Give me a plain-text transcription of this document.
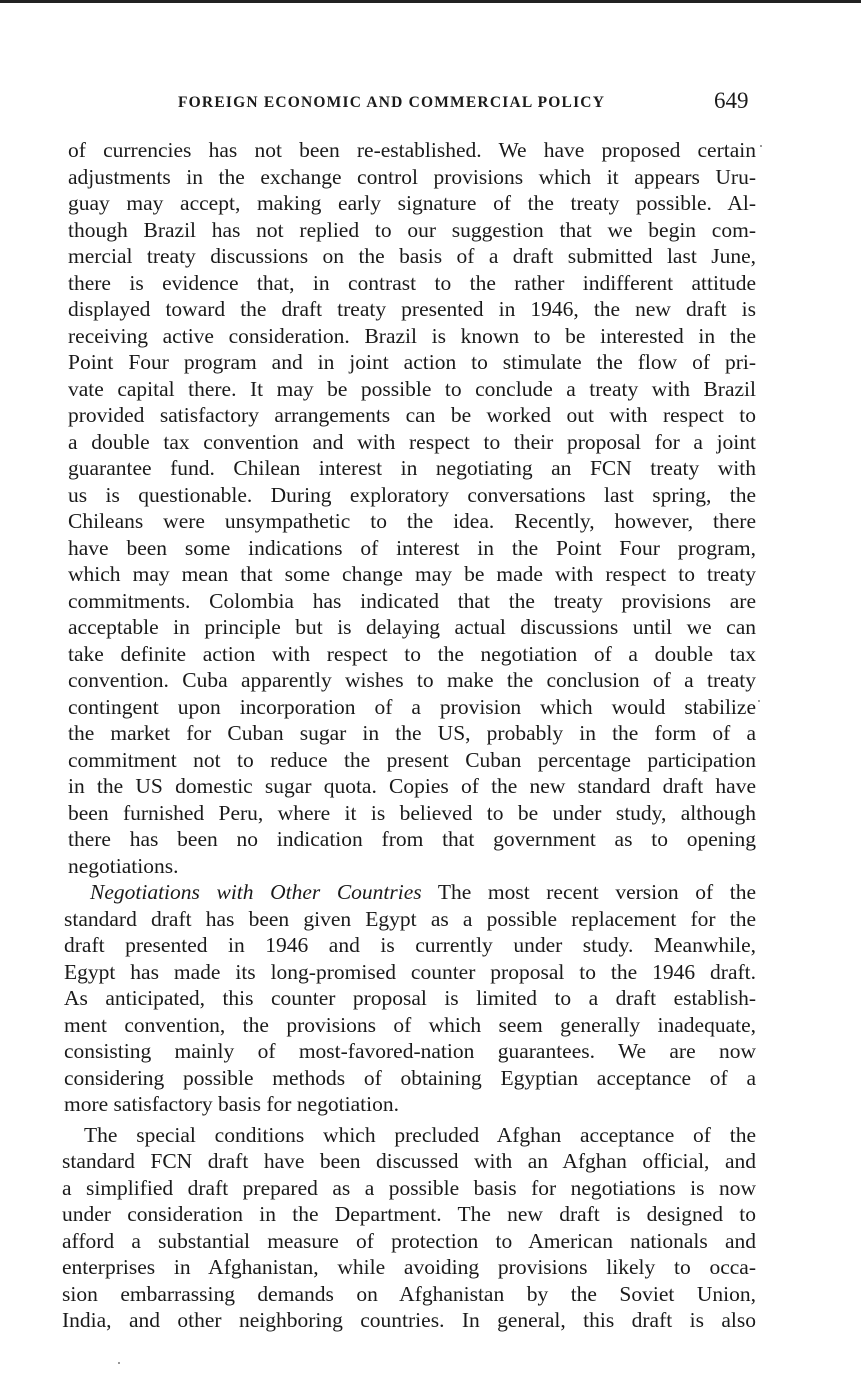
FOREIGN ECONOMIC AND COMMERCIAL POLICY	649
of currencies has not been re-established. We have proposed certain
adjustments in the exchange control provisions which it appears Uru-
guay may accept, making early signature of the treaty possible. Al-
though Brazil has not replied to our suggestion that we begin com-
mercial treaty discussions on the basis of a draft submitted last June,
there is evidence that, in contrast to the rather indifferent attitude
displayed toward the draft treaty presented in 1946, the new draft is
receiving active consideration. Brazil is known to be interested in the
Point Four program and in joint action to stimulate the flow of pri-
vate capital there. It may be possible to conclude a treaty with Brazil
provided satisfactory arrangements can be worked out with respect to
a double tax convention and with respect to their proposal for a joint
guarantee fund. Chilean interest in negotiating an FCN treaty with
us is questionable. During exploratory conversations last spring, the
Chileans were unsympathetic to the idea. Recently, however, there
have been some indications of interest in the Point Four program,
which may mean that some change may be made with respect to treaty
commitments. Colombia has indicated that the treaty provisions are
acceptable in principle but is delaying actual discussions until we can
take definite action with respect to the negotiation of a double tax
convention. Cuba apparently wishes to make the conclusion of a treaty
contingent upon incorporation of a provision which would stabilize
the market for Cuban sugar in the US, probably in the form of a
commitment not to reduce the present Cuban percentage participation
in the US domestic sugar quota. Copies of the new standard draft have
been furnished Peru, where it is believed to be under study, although
there has been no indication from that government as to opening
negotiations.
Negotiations with Other Countries The most recent version of the
standard draft has been given Egypt as a possible replacement for the
draft presented in 1946 and is currently under study. Meanwhile,
Egypt has made its long-promised counter proposal to the 1946 draft.
As anticipated, this counter proposal is limited to a draft establish-
ment convention, the provisions of which seem generally inadequate,
consisting mainly of most-favored-nation guarantees. We are now
considering possible methods of obtaining Egyptian acceptance of a
more satisfactory basis for negotiation.
The special conditions which precluded Afghan acceptance of the
standard FCN draft have been discussed with an Afghan official, and
a simplified draft prepared as a possible basis for negotiations is now
under consideration in the Department. The new draft is designed to
afford a substantial measure of protection to American nationals and
enterprises in Afghanistan, while avoiding provisions likely to occa-
sion embarrassing demands on Afghanistan by the Soviet Union,
India, and other neighboring countries. In general, this draft is also
